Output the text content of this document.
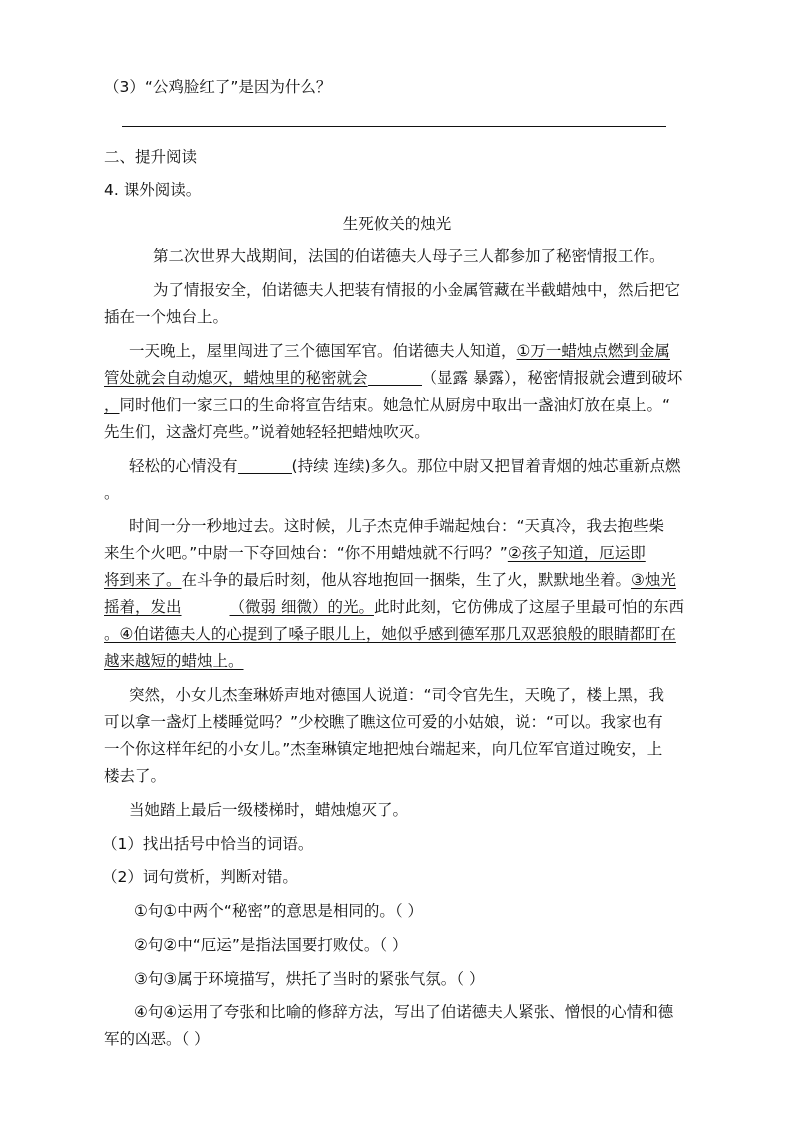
（3）“公鸡脸红了”是因为什么？
二、提升阅读
4. 课外阅读。
生死攸关的烛光
第二次世界大战期间，法国的伯诺德夫人母子三人都参加了秘密情报工作。
为了情报安全，伯诺德夫人把装有情报的小金属管藏在半截蜡烛中，然后把它
插在一个烛台上。
一天晚上，屋里闯进了三个德国军官。伯诺德夫人知道，①万一蜡烛点燃到金属
管处就会自动熄灭，蜡烛里的秘密就会	（显露 暴露），秘密情报就会遭到破坏
，同时他们一家三口的生命将宣告结束。她急忙从厨房中取出一盏油灯放在桌上。“
先生们，这盏灯亮些。”说着她轻轻把蜡烛吹灭。
轻松的心情没有	(持续 连续)多久。那位中尉又把冒着青烟的烛芯重新点燃
。
时间一分一秒地过去。这时候，儿子杰克伸手端起烛台：“天真冷，我去抱些柴
来生个火吧。”中尉一下夺回烛台：“你不用蜡烛就不行吗？”②孩子知道，厄运即
将到来了。在斗争的最后时刻，他从容地抱回一捆柴，生了火，默默地坐着。③烛光
摇着，发出	（微弱 细微）的光。此时此刻，它仿佛成了这屋子里最可怕的东西
。④伯诺德夫人的心提到了嗓子眼儿上，她似乎感到德军那几双恶狼般的眼睛都盯在
越来越短的蜡烛上。
突然，小女儿杰奎琳娇声地对德国人说道：“司令官先生，天晚了，楼上黑，我
可以拿一盏灯上楼睡觉吗？”少校瞧了瞧这位可爱的小姑娘，说：“可以。我家也有
一个你这样年纪的小女儿。”杰奎琳镇定地把烛台端起来，向几位军官道过晚安，上
楼去了。
当她踏上最后一级楼梯时，蜡烛熄灭了。
（1）找出括号中恰当的词语。
（2）词句赏析，判断对错。
①句①中两个“秘密”的意思是相同的。（ ）
②句②中“厄运”是指法国要打败仗。（ ）
③句③属于环境描写，烘托了当时的紧张气氛。（ ）
④句④运用了夸张和比喻的修辞方法，写出了伯诺德夫人紧张、憎恨的心情和德
军的凶恶。（ ）
